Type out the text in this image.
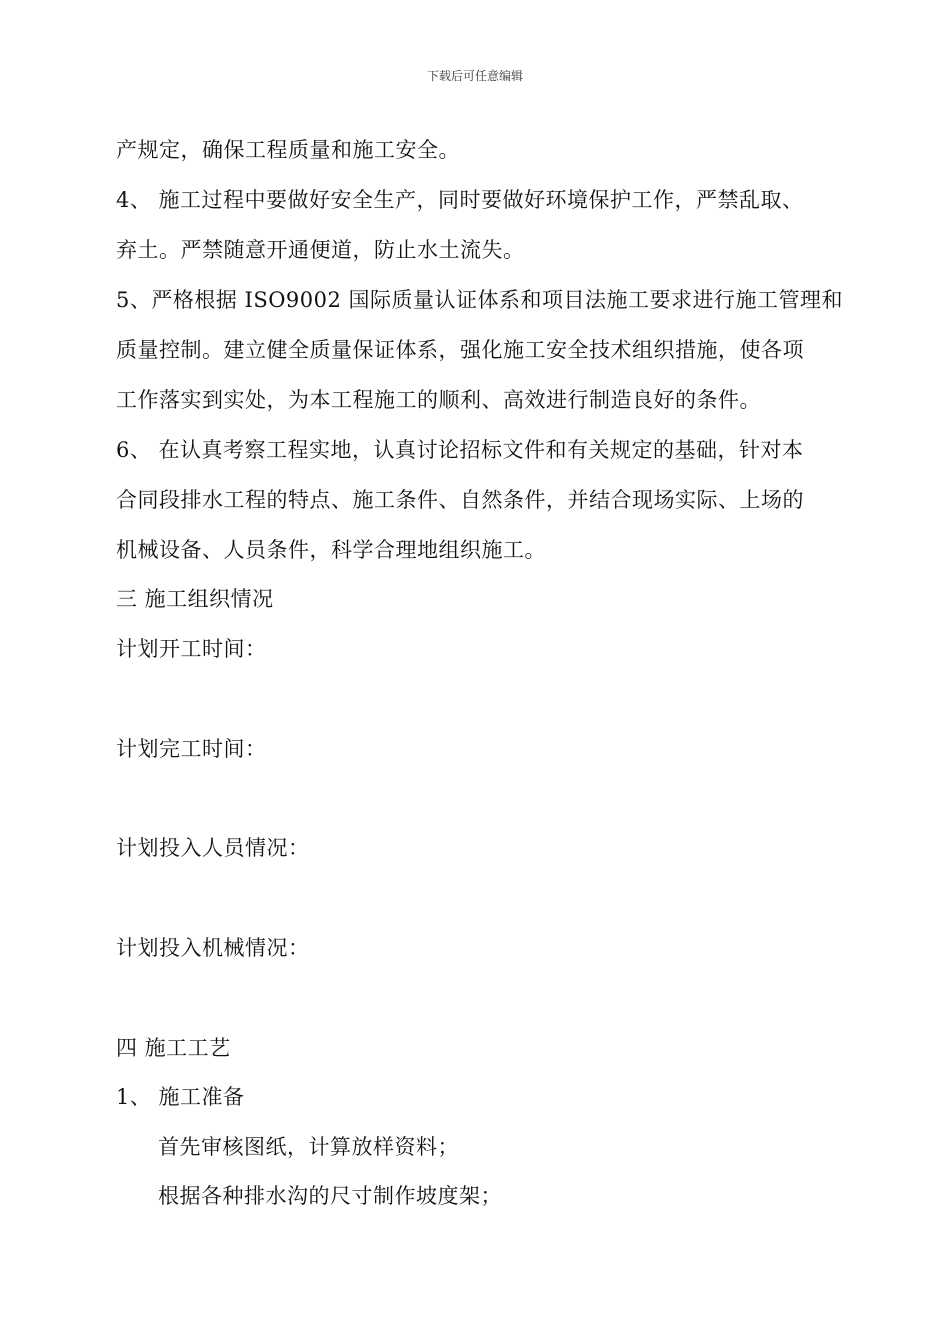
下载后可任意编辑
产规定，确保工程质量和施工安全。
4、 施工过程中要做好安全生产，同时要做好环境保护工作，严禁乱取、
弃土。严禁随意开通便道，防止水土流失。
5、严格根据 ISO9002 国际质量认证体系和项目法施工要求进行施工管理和
质量控制。建立健全质量保证体系，强化施工安全技术组织措施，使各项
工作落实到实处，为本工程施工的顺利、高效进行制造良好的条件。
6、 在认真考察工程实地，认真讨论招标文件和有关规定的基础，针对本
合同段排水工程的特点、施工条件、自然条件，并结合现场实际、上场的
机械设备、人员条件，科学合理地组织施工。
三 施工组织情况
计划开工时间：
计划完工时间：
计划投入人员情况：
计划投入机械情况：
四 施工工艺
1、 施工准备
首先审核图纸，计算放样资料；
根据各种排水沟的尺寸制作坡度架；
